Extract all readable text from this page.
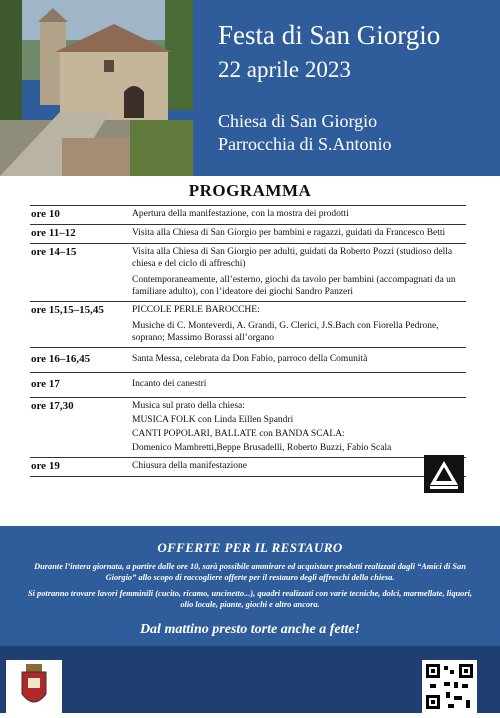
Festa di San Giorgio
22 aprile 2023
Chiesa di San Giorgio
Parrocchia di S.Antonio
PROGRAMMA
ore 10	Apertura della manifestazione, con la mostra dei prodotti

ore 11–12	Visita alla Chiesa di San Giorgio per bambini e ragazzi, guidati da Francesco Betti

ore 14–15	Visita alla Chiesa di San Giorgio per adulti, guidati da Roberto Pozzi (studioso della chiesa e del ciclo di affreschi)

Contemporaneamente, all’esterno, giochi da tavolo per bambini (accompagnati da un familiare adulto), con l’ideatore dei giochi Sandro Panzeri

ore 15,15–15,45	PICCOLE PERLE BAROCCHE:

Musiche di C. Monteverdi, A. Grandi, G. Clerici, J.S.Bach con Fiorella Pedrone, soprano; Massimo Borassi all’organo

ore 16–16,45	Santa Messa, celebrata da Don Fabio, parroco della Comunità

ore 17	Incanto dei canestri

ore 17,30	Musica sul prato della chiesa:

MUSICA FOLK con Linda Eillen Spandri

CANTI POPOLARI, BALLATE con BANDA SCALA:

Domenico Mambretti,Beppe Brusadelli, Roberto Buzzi, Fabio Scala

ore 19	Chiusura della manifestazione

OFFERTE PER IL RESTAURO
Durante l’intera giornata, a partire dalle ore 10, sarà possibile ammirare ed acquistare prodotti realizzati dagli “Amici di San Giorgio” allo scopo di raccogliere offerte per il restauro degli affreschi della chiesa.
Si potranno trovare lavori femminili (cucito, ricamo, uncinetto...), quadri realizzati con varie tecniche, dolci, marmellate, liquori, olio locale, piante, giochi e altro ancora.
Dal mattino presto torte anche a fette!
